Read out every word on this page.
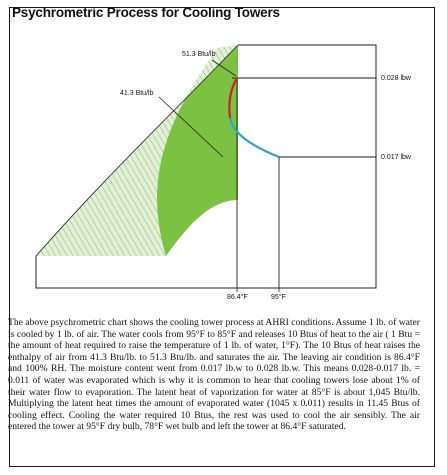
51.3 Btu/lb
41.3 Btu/lb
0.028 lbw
0.017 lbw
86.4°F	95°F
Psychrometric Process for Cooling Towers

The above psychrometric chart shows the cooling tower process at AHRI conditions. Assume 1 lb. of water is cooled by 1 lb. of air. The water cools from 95°F to 85°F and releases 10 Btus of heat to the air ( 1 Btu = the amount of heat required to raise the temperature of 1 lb. of water, 1°F). The 10 Btus of heat raises the enthalpy of air from 41.3 Btu/lb. to 51.3 Btu/lb. and saturates the air. The leaving air condition is 86.4°F and 100% RH. The moisture content went from 0.017 lb.w to 0.028 lb.w. This means 0.028-0.017 lb. = 0.011 of water was evaporated which is why it is common to hear that cooling towers lose about 1% of their water flow to evaporation. The latent heat of vaporization for water at 85°F is about 1,045 Btu/lb. Multiplying the latent heat times the amount of evaporated water (1045 x 0.011) results in 11.45 Btus of cooling effect. Cooling the water required 10 Btus, the rest was used to cool the air sensibly. The air entered the tower at 95°F dry bulb, 78°F wet bulb and left the tower at 86.4°F saturated.
